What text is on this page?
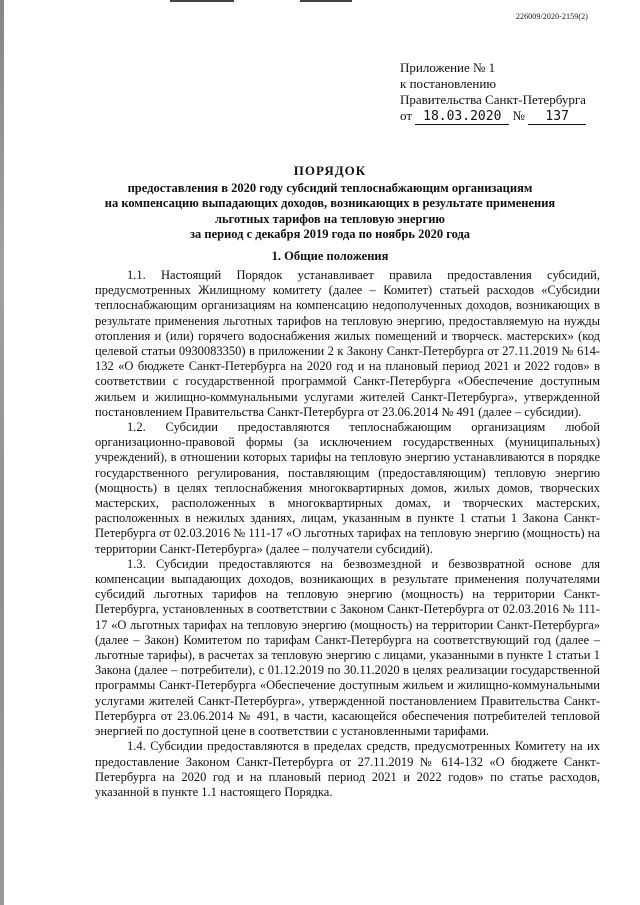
226009/2020-2159(2)
Приложение № 1
к постановлению
Правительства Санкт-Петербурга
от 18.03.2020 № 137
ПОРЯДОК
предоставления в 2020 году субсидий теплоснабжающим организациям
на компенсацию выпадающих доходов, возникающих в результате применения
льготных тарифов на тепловую энергию
за период с декабря 2019 года по ноябрь 2020 года
1. Общие положения

1.1. Настоящий Порядок устанавливает правила предоставления субсидий, предусмотренных Жилищному комитету (далее – Комитет) статьей расходов «Субсидии теплоснабжающим организациям на компенсацию недополученных доходов, возникающих в результате применения льготных тарифов на тепловую энергию, предоставляемую на нужды отопления и (или) горячего водоснабжения жилых помещений и творческ. мастерских» (код целевой статьи 0930083350) в приложении 2 к Закону Санкт-Петербурга от 27.11.2019 № 614-132 «О бюджете Санкт-Петербурга на 2020 год и на плановый период 2021 и 2022 годов» в соответствии с государственной программой Санкт-Петербурга «Обеспечение доступным жильем и жилищно-коммунальными услугами жителей Санкт-Петербурга», утвержденной постановлением Правительства Санкт-Петербурга от 23.06.2014 № 491 (далее – субсидии).

1.2. Субсидии предоставляются теплоснабжающим организациям любой организационно-правовой формы (за исключением государственных (муниципальных) учреждений), в отношении которых тарифы на тепловую энергию устанавливаются в порядке государственного регулирования, поставляющим (предоставляющим) тепловую энергию (мощность) в целях теплоснабжения многоквартирных домов, жилых домов, творческих мастерских, расположенных в многоквартирных домах, и творческих мастерских, расположенных в нежилых зданиях, лицам, указанным в пункте 1 статьи 1 Закона Санкт-Петербурга от 02.03.2016 № 111-17 «О льготных тарифах на тепловую энергию (мощность) на территории Санкт-Петербурга» (далее – получатели субсидий).

1.3. Субсидии предоставляются на безвозмездной и безвозвратной основе для компенсации выпадающих доходов, возникающих в результате применения получателями субсидий льготных тарифов на тепловую энергию (мощность) на территории Санкт-Петербурга, установленных в соответствии с Законом Санкт-Петербурга от 02.03.2016 № 111-17 «О льготных тарифах на тепловую энергию (мощность) на территории Санкт-Петербурга» (далее – Закон) Комитетом по тарифам Санкт-Петербурга на соответствующий год (далее – льготные тарифы), в расчетах за тепловую энергию с лицами, указанными в пункте 1 статьи 1 Закона (далее – потребители), с 01.12.2019 по 30.11.2020 в целях реализации государственной программы Санкт-Петербурга «Обеспечение доступным жильем и жилищно-коммунальными услугами жителей Санкт-Петербурга», утвержденной постановлением Правительства Санкт-Петербурга от 23.06.2014 № 491, в части, касающейся обеспечения потребителей тепловой энергией по доступной цене в соответствии с установленными тарифами.

1.4. Субсидии предоставляются в пределах средств, предусмотренных Комитету на их предоставление Законом Санкт-Петербурга от 27.11.2019 № 614-132 «О бюджете Санкт-Петербурга на 2020 год и на плановый период 2021 и 2022 годов» по статье расходов, указанной в пункте 1.1 настоящего Порядка.
